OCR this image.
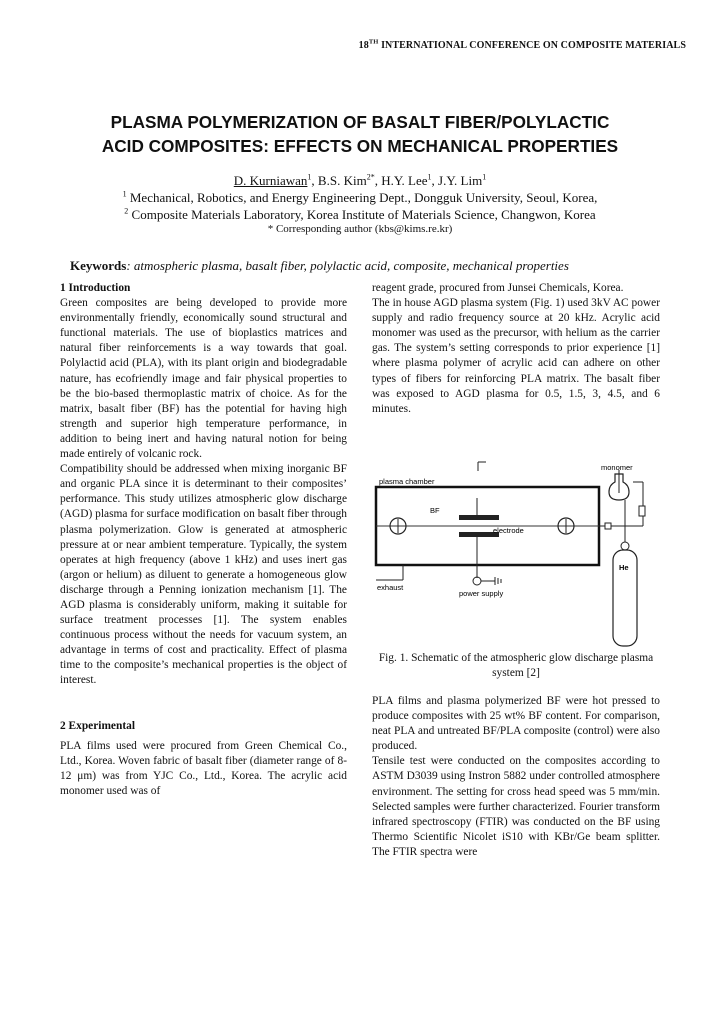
18TH INTERNATIONAL CONFERENCE ON COMPOSITE MATERIALS
PLASMA POLYMERIZATION OF BASALT FIBER/POLYLACTIC
ACID COMPOSITES: EFFECTS ON MECHANICAL PROPERTIES
D. Kurniawan$^1$, B.S. Kim$^{2*}$, H.Y. Lee$^1$, J.Y. Lim$^1$
$^1$ Mechanical, Robotics, and Energy Engineering Dept., Dongguk University, Seoul, Korea,
$^2$ Composite Materials Laboratory, Korea Institute of Materials Science, Changwon, Korea
* Corresponding author (kbs@kims.re.kr)
Keywords: atmospheric plasma, basalt fiber, polylactic acid, composite, mechanical properties

1 Introduction

Green composites are being developed to provide more environmentally friendly, economically sound structural and functional materials. The use of bioplastics matrices and natural fiber reinforcements is a way towards that goal. Polylactid acid (PLA), with its plant origin and biodegradable nature, has ecofriendly image and fair physical properties to be the bio-based thermoplastic matrix of choice. As for the matrix, basalt fiber (BF) has the potential for having high strength and superior high temperature performance, in addition to being inert and having natural notion for being made entirely of volcanic rock.

Compatibility should be addressed when mixing inorganic BF and organic PLA since it is determinant to their composites’ performance. This study utilizes atmospheric glow discharge (AGD) plasma for surface modification on basalt fiber through plasma polymerization. Glow is generated at atmospheric pressure at or near ambient temperature. Typically, the system operates at high frequency (above 1 kHz) and uses inert gas (argon or helium) as diluent to generate a homogeneous glow discharge through a Penning ionization mechanism [1]. The AGD plasma is considerably uniform, making it suitable for surface treatment processes [1]. The system enables continuous process without the needs for vacuum system, an advantage in terms of cost and practicality. Effect of plasma time to the composite’s mechanical properties is the object of interest.

2 Experimental

PLA films used were procured from Green Chemical Co., Ltd., Korea. Woven fabric of basalt fiber (diameter range of 8-12 μm) was from YJC Co., Ltd., Korea. The acrylic acid monomer used was of

reagent grade, procured from Junsei Chemicals, Korea.

The in house AGD plasma system (Fig. 1) used 3kV AC power supply and radio frequency source at 20 kHz. Acrylic acid monomer was used as the precursor, with helium as the carrier gas. The system’s setting corresponds to prior experience [1] where plasma polymer of acrylic acid can adhere on other types of fibers for reinforcing PLA matrix. The basalt fiber was exposed to AGD plasma for 0.5, 1.5, 3, 4.5, and 6 minutes.

plasma chamber
BF
electrode
exhaust
power supply
monomer
He
Fig. 1. Schematic of the atmospheric glow discharge plasma system [2]

PLA films and plasma polymerized BF were hot pressed to produce composites with 25 wt% BF content. For comparison, neat PLA and untreated BF/PLA composite (control) were also produced.

Tensile test were conducted on the composites according to ASTM D3039 using Instron 5882 under controlled atmosphere environment. The setting for cross head speed was 5 mm/min. Selected samples were further characterized. Fourier transform infrared spectroscopy (FTIR) was conducted on the BF using Thermo Scientific Nicolet iS10 with KBr/Ge beam splitter. The FTIR spectra were
